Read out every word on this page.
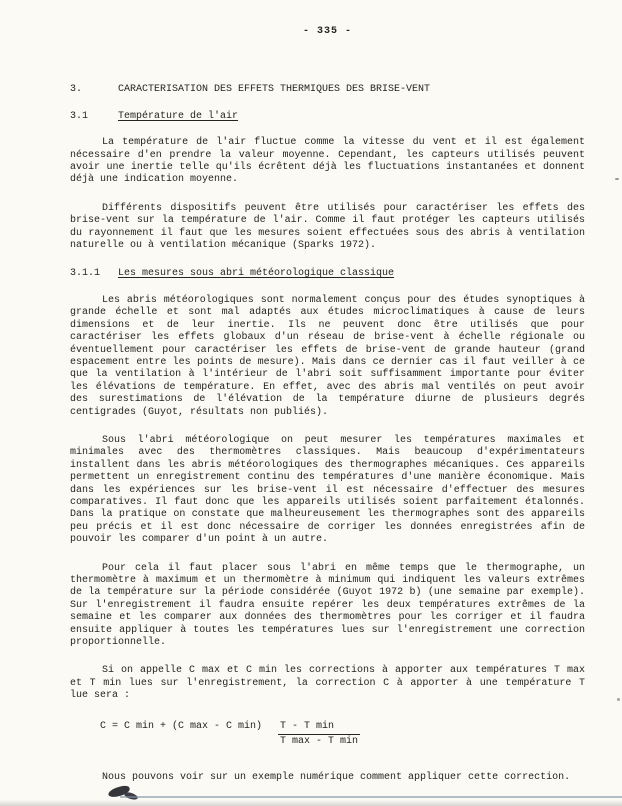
- 335 -
3.	CARACTERISATION DES EFFETS THERMIQUES DES BRISE-VENT
3.1	Température de l'air

La température de l'air fluctue comme la vitesse du vent et il est également nécessaire d'en prendre la valeur moyenne. Cependant, les capteurs utilisés peuvent avoir une inertie telle qu'ils écrêtent déjà les fluctuations instantanées et donnent déjà une indication moyenne.

Différents dispositifs peuvent être utilisés pour caractériser les effets des brise-vent sur la température de l'air. Comme il faut protéger les capteurs utilisés du rayonnement il faut que les mesures soient effectuées sous des abris à ventilation naturelle ou à ventilation mécanique (Sparks 1972).

3.1.1	Les mesures sous abri météorologique classique

Les abris météorologiques sont normalement conçus pour des études synoptiques à grande échelle et sont mal adaptés aux études microclimatiques à cause de leurs dimensions et de leur inertie. Ils ne peuvent donc être utilisés que pour caractériser les effets globaux d'un réseau de brise-vent à échelle régionale ou éventuellement pour caractériser les effets de brise-vent de grande hauteur (grand espacement entre les points de mesure). Mais dans ce dernier cas il faut veiller à ce que la ventilation à l'intérieur de l'abri soit suffisamment importante pour éviter les élévations de température. En effet, avec des abris mal ventilés on peut avoir des surestimations de l'élévation de la température diurne de plusieurs degrés centigrades (Guyot, résultats non publiés).

Sous l'abri météorologique on peut mesurer les températures maximales et minimales avec des thermomètres classiques. Mais beaucoup d'expérimentateurs installent dans les abris météorologiques des thermographes mécaniques. Ces appareils permettent un enregistrement continu des températures d'une manière économique. Mais dans les expériences sur les brise-vent il est nécessaire d'effectuer des mesures comparatives. Il faut donc que les appareils utilisés soient parfaitement étalonnés. Dans la pratique on constate que malheureusement les thermographes sont des appareils peu précis et il est donc nécessaire de corriger les données enregistrées afin de pouvoir les comparer d'un point à un autre.

Pour cela il faut placer sous l'abri en même temps que le thermographe, un thermomètre à maximum et un thermomètre à minimum qui indiquent les valeurs extrêmes de la température sur la période considérée (Guyot 1972 b) (une semaine par exemple). Sur l'enregistrement il faudra ensuite repérer les deux températures extrêmes de la semaine et les comparer aux données des thermomètres pour les corriger et il faudra ensuite appliquer à toutes les températures lues sur l'enregistrement une correction proportionnelle.

Si on appelle C max et C min les corrections à apporter aux températures T max et T min lues sur l'enregistrement, la correction C à apporter à une température T lue sera :

C = C min + (C max - C $\min) \frac{\text{T - T min}}{\text{T max - T min}}$

Nous pouvons voir sur un exemple numérique comment appliquer cette correction.
